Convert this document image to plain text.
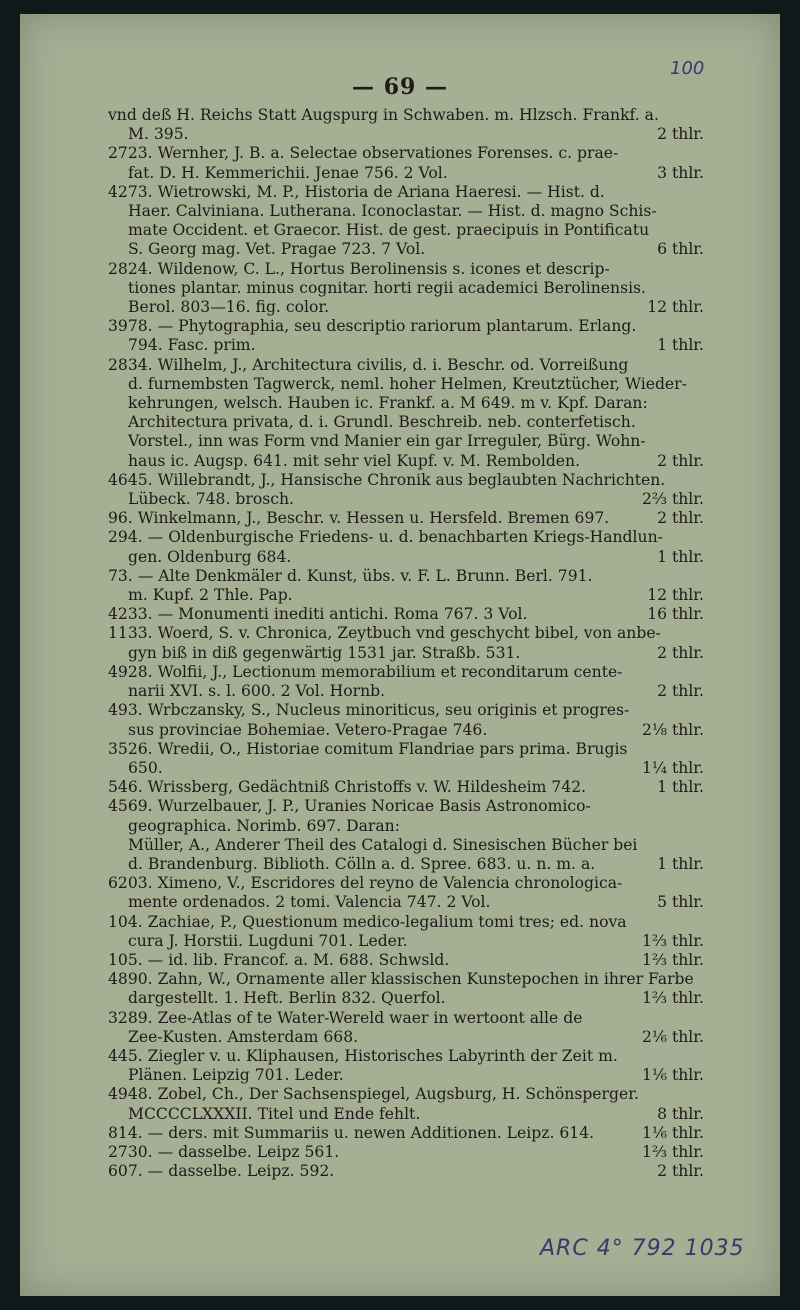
— 69 —
100
ARC 4° 792 1035
vnd deß H. Reichs Statt Augspurg in Schwaben. m. Hlzsch. Frankf. a.
M. 395.	2 thlr.
2723. Wernher, J. B. a. Selectae observationes Forenses. c. prae-
fat. D. H. Kemmerichii. Jenae 756. 2 Vol.	3 thlr.
4273. Wietrowski, M. P., Historia de Ariana Haeresi. — Hist. d.
Haer. Calviniana. Lutherana. Iconoclastar. — Hist. d. magno Schis-
mate Occident. et Graecor. Hist. de gest. praecipuis in Pontificatu
S. Georg mag. Vet. Pragae 723. 7 Vol.	6 thlr.
2824. Wildenow, C. L., Hortus Berolinensis s. icones et descrip-
tiones plantar. minus cognitar. horti regii academici Berolinensis.
Berol. 803—16. fig. color.	12 thlr.
3978. — Phytographia, seu descriptio rariorum plantarum. Erlang.
794. Fasc. prim.	1 thlr.
2834. Wilhelm, J., Architectura civilis, d. i. Beschr. od. Vorreißung
d. furnembsten Tagwerck, neml. hoher Helmen, Kreutztücher, Wieder-
kehrungen, welsch. Hauben ic. Frankf. a. M 649. m v. Kpf. Daran:
Architectura privata, d. i. Grundl. Beschreib. neb. conterfetisch.
Vorstel., inn was Form vnd Manier ein gar Irreguler, Bürg. Wohn-
haus ic. Augsp. 641. mit sehr viel Kupf. v. M. Rembolden.	2 thlr.
4645. Willebrandt, J., Hansische Chronik aus beglaubten Nachrichten.
Lübeck. 748. brosch.	2⅔ thlr.
96. Winkelmann, J., Beschr. v. Hessen u. Hersfeld. Bremen 697.	2 thlr.
294. — Oldenburgische Friedens- u. d. benachbarten Kriegs-Handlun-
gen. Oldenburg 684.	1 thlr.
73. — Alte Denkmäler d. Kunst, übs. v. F. L. Brunn. Berl. 791.
m. Kupf. 2 Thle. Pap.	12 thlr.
4233. — Monumenti inediti antichi. Roma 767. 3 Vol.	16 thlr.
1133. Woerd, S. v. Chronica, Zeytbuch vnd geschycht bibel, von anbe-
gyn biß in diß gegenwärtig 1531 jar. Straßb. 531.	2 thlr.
4928. Wolfii, J., Lectionum memorabilium et reconditarum cente-
narii XVI. s. l. 600. 2 Vol. Hornb.	2 thlr.
493. Wrbczansky, S., Nucleus minoriticus, seu originis et progres-
sus provinciae Bohemiae. Vetero-Pragae 746.	2⅛ thlr.
3526. Wredii, O., Historiae comitum Flandriae pars prima. Brugis
650.	1¼ thlr.
546. Wrissberg, Gedächtniß Christoffs v. W. Hildesheim 742.	1 thlr.
4569. Wurzelbauer, J. P., Uranies Noricae Basis Astronomico-
geographica. Norimb. 697. Daran:
Müller, A., Anderer Theil des Catalogi d. Sinesischen Bücher bei
d. Brandenburg. Biblioth. Cölln a. d. Spree. 683. u. n. m. a.	1 thlr.
6203. Ximeno, V., Escridores del reyno de Valencia chronologica-
mente ordenados. 2 tomi. Valencia 747. 2 Vol.	5 thlr.
104. Zachiae, P., Questionum medico-legalium tomi tres; ed. nova
cura J. Horstii. Lugduni 701. Leder.	1⅔ thlr.
105. — id. lib. Francof. a. M. 688. Schwsld.	1⅔ thlr.
4890. Zahn, W., Ornamente aller klassischen Kunstepochen in ihrer Farbe
dargestellt. 1. Heft. Berlin 832. Querfol.	1⅔ thlr.
3289. Zee-Atlas of te Water-Wereld waer in wertoont alle de
Zee-Kusten. Amsterdam 668.	2⅙ thlr.
445. Ziegler v. u. Kliphausen, Historisches Labyrinth der Zeit m.
Plänen. Leipzig 701. Leder.	1⅙ thlr.
4948. Zobel, Ch., Der Sachsenspiegel, Augsburg, H. Schönsperger.
MCCCCLXXXII. Titel und Ende fehlt.	8 thlr.
814. — ders. mit Summariis u. newen Additionen. Leipz. 614.	1⅙ thlr.
2730. — dasselbe. Leipz 561.	1⅔ thlr.
607. — dasselbe. Leipz. 592.	2 thlr.
